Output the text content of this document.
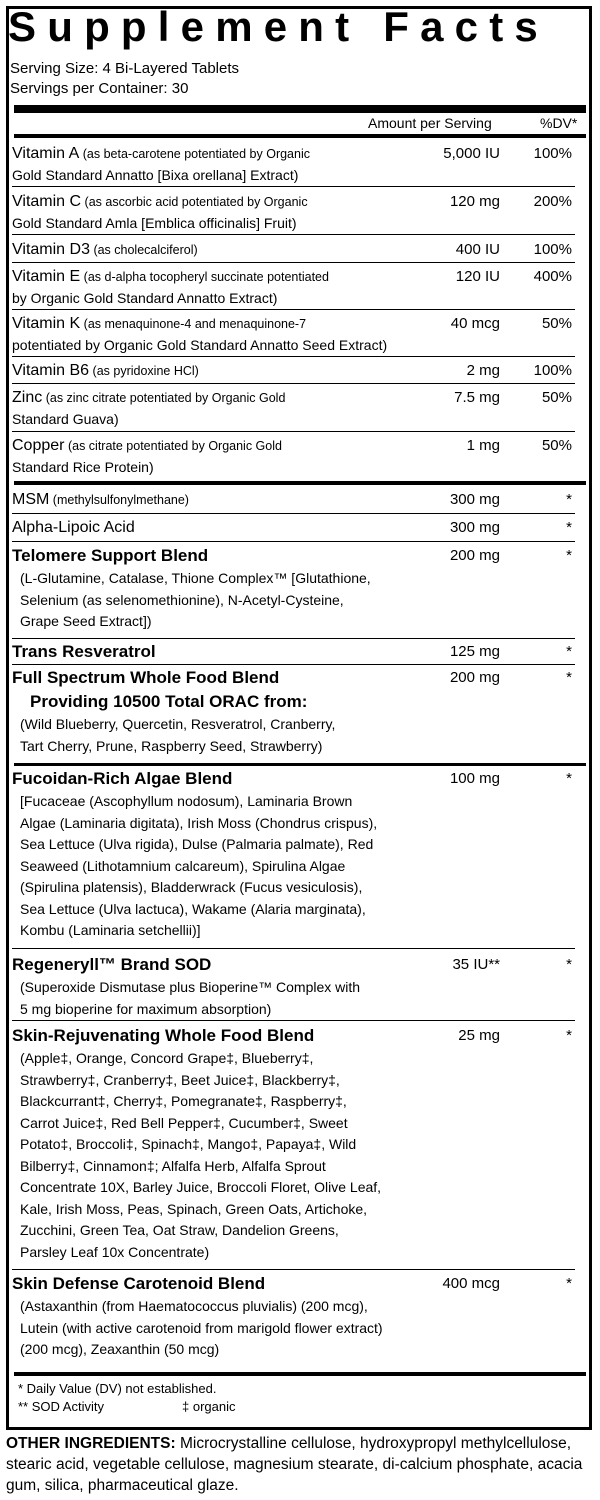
Supplement Facts
Serving Size: 4 Bi-Layered Tablets
Servings per Container: 30
Amount per Serving	%DV*
Vitamin A (as beta-carotene potentiated by Organic
Gold Standard Annatto [Bixa orellana] Extract)
5,000 IU 100%
Vitamin C (as ascorbic acid potentiated by Organic
Gold Standard Amla [Emblica officinalis] Fruit)
120 mg 200%
Vitamin D3 (as cholecalciferol)	400 IU 100%
Vitamin E (as d-alpha tocopheryl succinate potentiated
by Organic Gold Standard Annatto Extract)
120 IU 400%
Vitamin K (as menaquinone-4 and menaquinone-7
potentiated by Organic Gold Standard Annatto Seed Extract)
40 mcg	50%
Vitamin B6 (as pyridoxine HCl)	2 mg 100%
Zinc (as zinc citrate potentiated by Organic Gold
Standard Guava)
7.5 mg	50%
Copper (as citrate potentiated by Organic Gold
Standard Rice Protein)
1 mg	50%
MSM (methylsulfonylmethane)	300 mg	*
Alpha-Lipoic Acid	300 mg	*
Telomere Support Blend
(L-Glutamine, Catalase, Thione Complex™ [Glutathione,
Selenium (as selenomethionine), N-Acetyl-Cysteine,
Grape Seed Extract])
200 mg	*
Trans Resveratrol	125 mg	*
Full Spectrum Whole Food Blend
Providing 10500 Total ORAC from:
(Wild Blueberry, Quercetin, Resveratrol, Cranberry,
Tart Cherry, Prune, Raspberry Seed, Strawberry)
200 mg	*
Fucoidan-Rich Algae Blend
[Fucaceae (Ascophyllum nodosum), Laminaria Brown
Algae (Laminaria digitata), Irish Moss (Chondrus crispus),
Sea Lettuce (Ulva rigida), Dulse (Palmaria palmate), Red
Seaweed (Lithotamnium calcareum), Spirulina Algae
(Spirulina platensis), Bladderwrack (Fucus vesiculosis),
Sea Lettuce (Ulva lactuca), Wakame (Alaria marginata),
Kombu (Laminaria setchellii)]
100 mg	*
Regeneryll™ Brand SOD
(Superoxide Dismutase plus Bioperine™ Complex with
5 mg bioperine for maximum absorption)
35 IU**	*
Skin-Rejuvenating Whole Food Blend
(Apple‡, Orange, Concord Grape‡, Blueberry‡,
Strawberry‡, Cranberry‡, Beet Juice‡, Blackberry‡,
Blackcurrant‡, Cherry‡, Pomegranate‡, Raspberry‡,
Carrot Juice‡, Red Bell Pepper‡, Cucumber‡, Sweet
Potato‡, Broccoli‡, Spinach‡, Mango‡, Papaya‡, Wild
Bilberry‡, Cinnamon‡; Alfalfa Herb, Alfalfa Sprout
Concentrate 10X, Barley Juice, Broccoli Floret, Olive Leaf,
Kale, Irish Moss, Peas, Spinach, Green Oats, Artichoke,
Zucchini, Green Tea, Oat Straw, Dandelion Greens,
Parsley Leaf 10x Concentrate)
25 mg	*
Skin Defense Carotenoid Blend
(Astaxanthin (from Haematococcus pluvialis) (200 mcg),
Lutein (with active carotenoid from marigold flower extract)
(200 mcg), Zeaxanthin (50 mcg)
400 mcg	*
* Daily Value (DV) not established.
** SOD Activity	‡ organic
OTHER INGREDIENTS: Microcrystalline cellulose, hydroxypropyl methylcellulose, stearic acid, vegetable cellulose, magnesium stearate, di-calcium phosphate, acacia gum, silica, pharmaceutical glaze.
